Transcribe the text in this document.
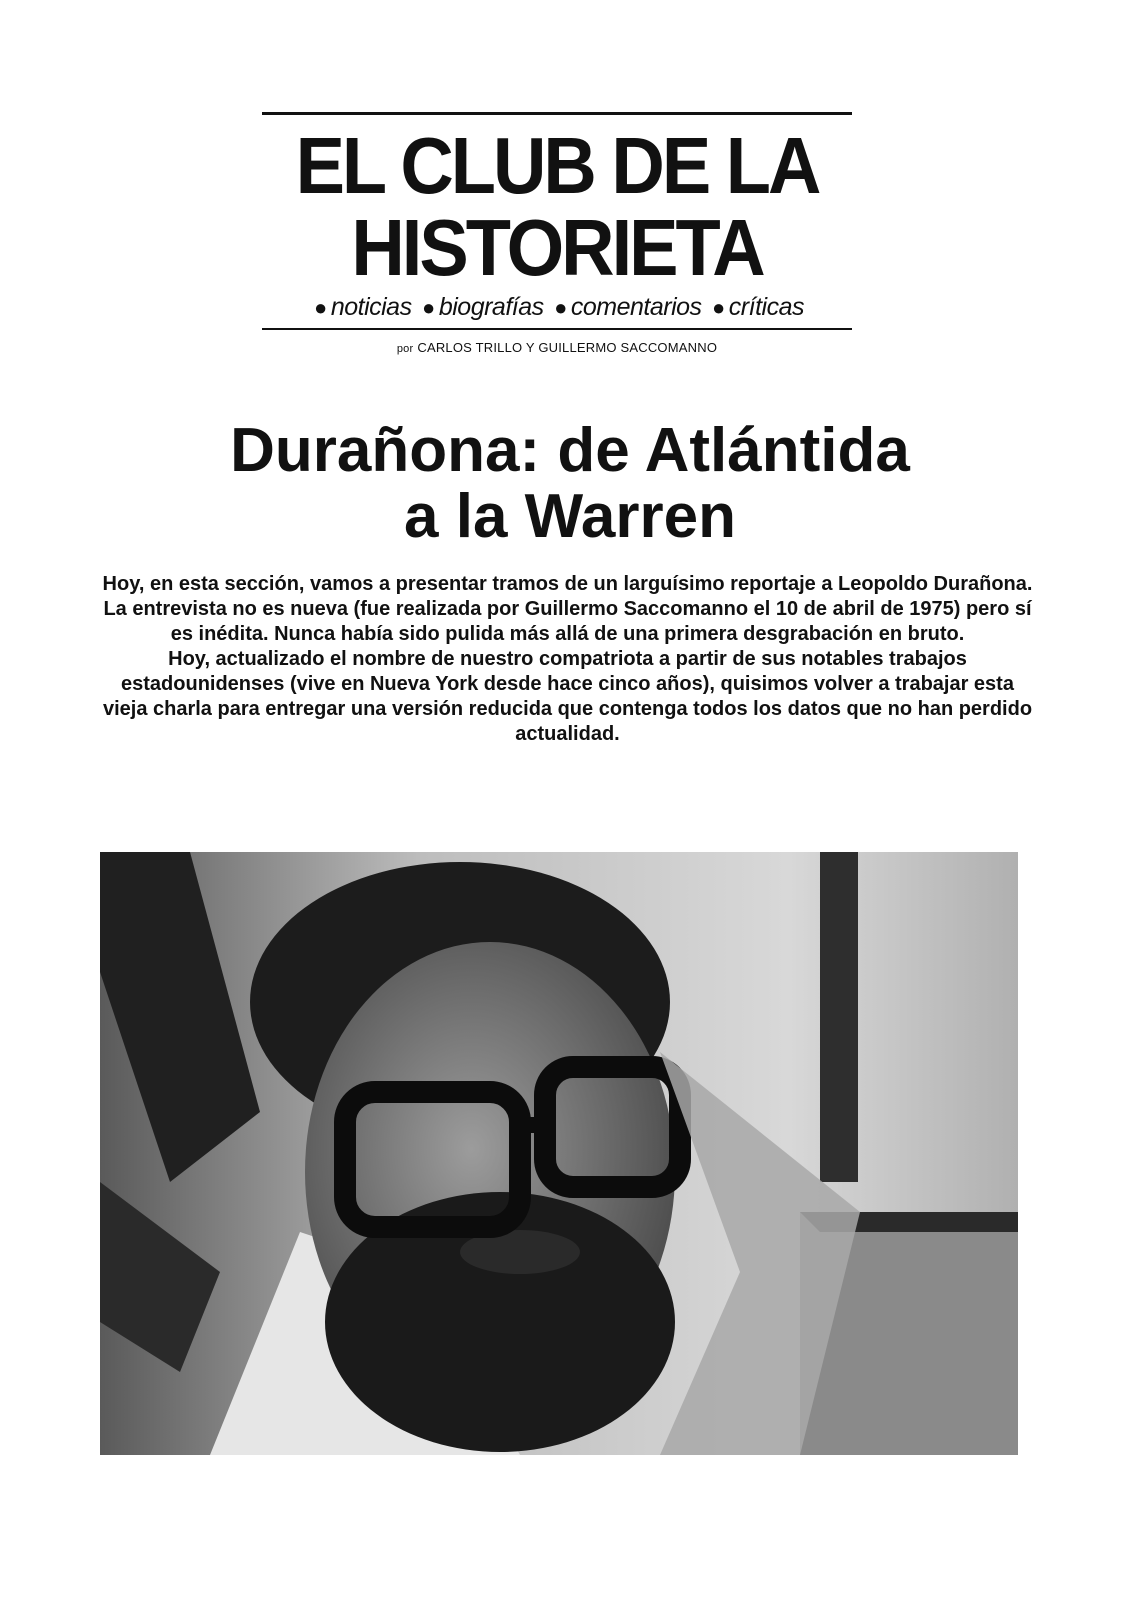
EL CLUB DE LA
HISTORIETA
● noticias ● biografías ● comentarios ● críticas
por CARLOS TRILLO Y GUILLERMO SACCOMANNO
Durañona: de Atlántida
a la Warren

Hoy, en esta sección, vamos a presentar tramos de un larguísimo reportaje a Leopoldo Durañona. La entrevista no es nueva (fue realizada por Guillermo Saccomanno el 10 de abril de 1975) pero sí es inédita. Nunca había sido pulida más allá de una primera desgrabación en bruto.

Hoy, actualizado el nombre de nuestro compatriota a partir de sus notables trabajos estadounidenses (vive en Nueva York desde hace cinco años), quisimos volver a trabajar esta vieja charla para entregar una versión reducida que contenga todos los datos que no han perdido actualidad.
